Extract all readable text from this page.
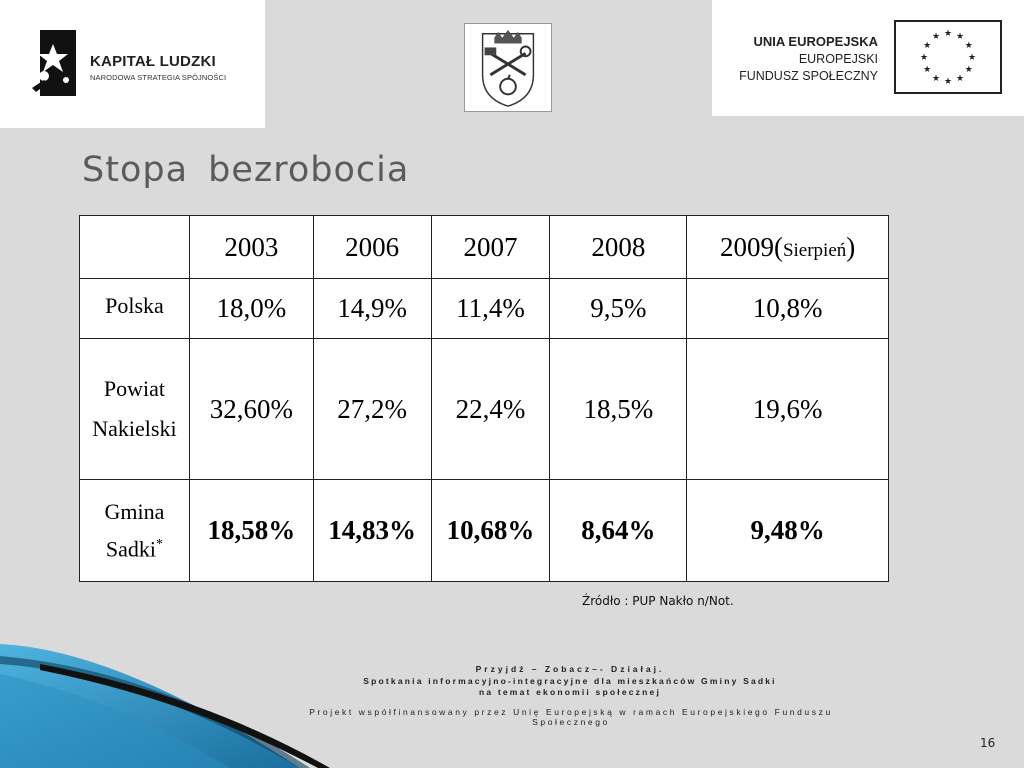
KAPITAŁ LUDZKI
NARODOWA STRATEGIA SPÓJNOŚCI
UNIA EUROPEJSKA
EUROPEJSKI
FUNDUSZ SPOŁECZNY
★ ★
★
★
★
★
★
★
★
★
★
★
Stopa bezrobocia
	2003	2006	2007	2008	2009(Sierpień)
Polska	18,0%	14,9%	11,4%	9,5%	10,8%
Powiat
Nakielski	32,60%	27,2%	22,4%	18,5%	19,6%
Gmina
Sadki*	18,58%	14,83%	10,68%	8,64%	9,48%
Źródło : PUP Nakło n/Not.
Przyjdź – Zobacz–- Działaj.
Spotkania informacyjno-integracyjne dla mieszkańców Gminy Sadki
na temat ekonomii społecznej
Projekt współfinansowany przez Unię Europejską w ramach Europejskiego Funduszu Społecznego
16
